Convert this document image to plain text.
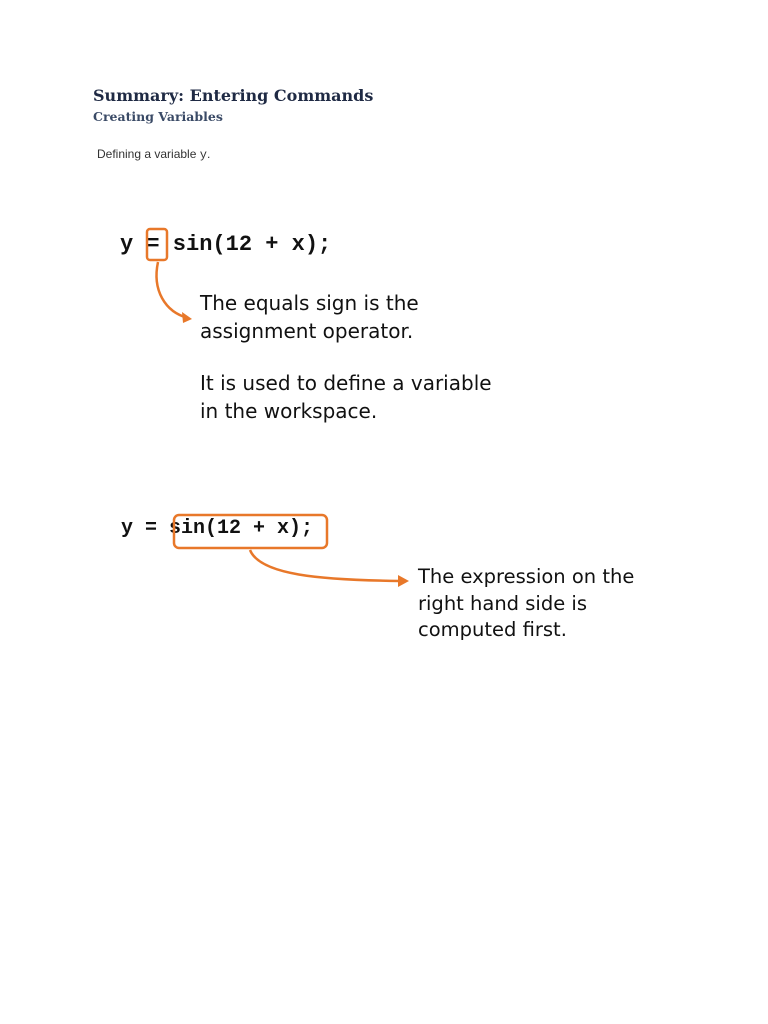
Summary: Entering Commands
Creating Variables
Defining a variable y.
y = sin(12 + x);
The equals sign is the
assignment operator.
It is used to define a variable
in the workspace.
y = sin(12 + x);
The expression on the
right hand side is
computed first.
